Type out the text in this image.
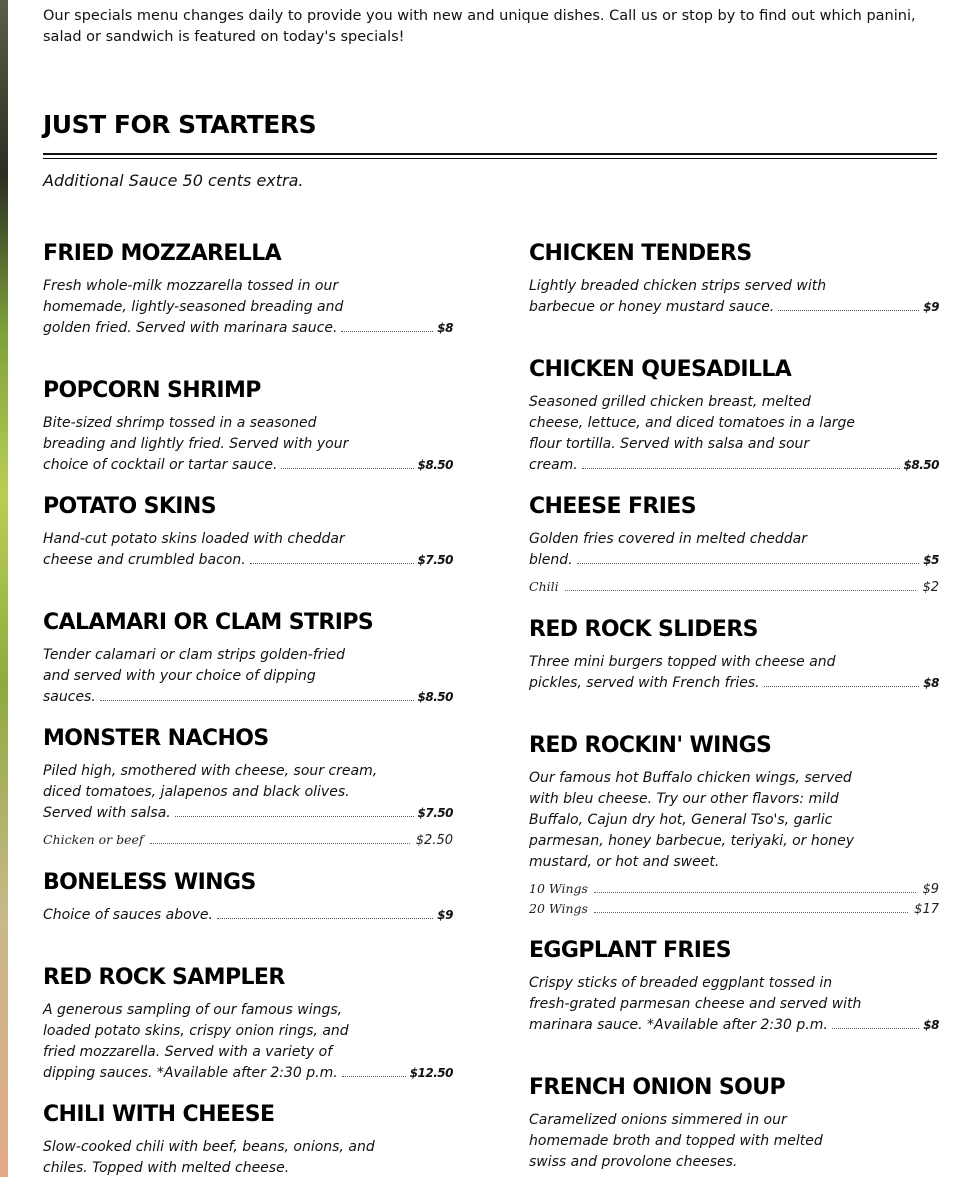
Our specials menu changes daily to provide you with new and unique dishes. Call us or stop by to find out which panini, salad or sandwich is featured on today's specials!

JUST FOR STARTERS
Additional Sauce 50 cents extra.
FRIED MOZZARELLA
Fresh whole-milk mozzarella tossed in our
homemade, lightly-seasoned breading and
golden fried. Served with marinara sauce.	$8
POPCORN SHRIMP
Bite-sized shrimp tossed in a seasoned
breading and lightly fried. Served with your
choice of cocktail or tartar sauce.	$8.50
POTATO SKINS
Hand-cut potato skins loaded with cheddar
cheese and crumbled bacon.	$7.50
CALAMARI OR CLAM STRIPS
Tender calamari or clam strips golden-fried
and served with your choice of dipping
sauces.	$8.50
MONSTER NACHOS
Piled high, smothered with cheese, sour cream,
diced tomatoes, jalapenos and black olives.
Served with salsa.	$7.50
Chicken or beef	$2.50
BONELESS WINGS
Choice of sauces above.	$9
RED ROCK SAMPLER
A generous sampling of our famous wings,
loaded potato skins, crispy onion rings, and
fried mozzarella. Served with a variety of
dipping sauces. *Available after 2:30 p.m.	$12.50
CHILI WITH CHEESE
Slow-cooked chili with beef, beans, onions, and
chiles. Topped with melted cheese.
CHICKEN TENDERS
Lightly breaded chicken strips served with
barbecue or honey mustard sauce.	$9
CHICKEN QUESADILLA
Seasoned grilled chicken breast, melted
cheese, lettuce, and diced tomatoes in a large
flour tortilla. Served with salsa and sour
cream.	$8.50
CHEESE FRIES
Golden fries covered in melted cheddar
blend.	$5
Chili	$2
RED ROCK SLIDERS
Three mini burgers topped with cheese and
pickles, served with French fries.	$8
RED ROCKIN' WINGS
Our famous hot Buffalo chicken wings, served
with bleu cheese. Try our other flavors: mild
Buffalo, Cajun dry hot, General Tso's, garlic
parmesan, honey barbecue, teriyaki, or honey
mustard, or hot and sweet.
10 Wings	$9
20 Wings	$17
EGGPLANT FRIES
Crispy sticks of breaded eggplant tossed in
fresh-grated parmesan cheese and served with
marinara sauce. *Available after 2:30 p.m.	$8
FRENCH ONION SOUP
Caramelized onions simmered in our
homemade broth and topped with melted
swiss and provolone cheeses.
